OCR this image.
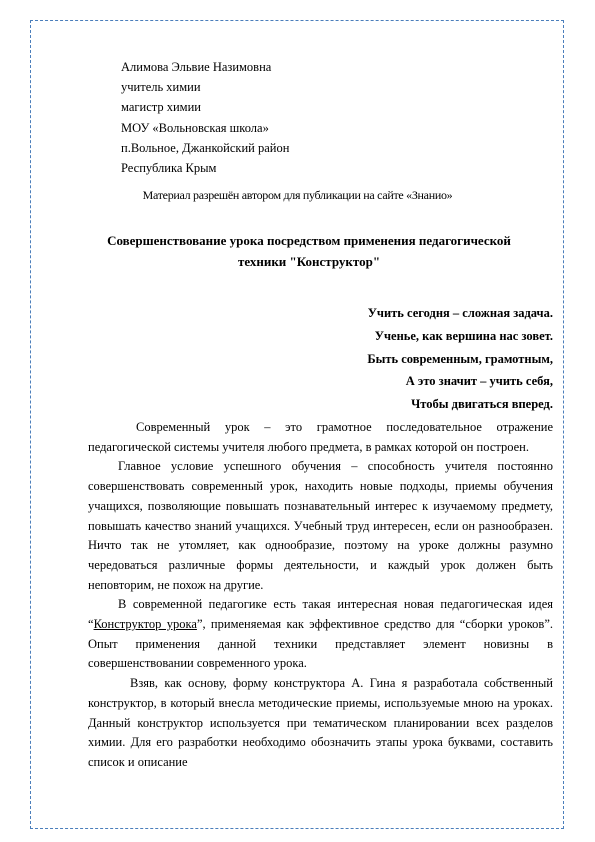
Алимова Эльвие Назимовна
учитель химии
магистр химии
МОУ «Вольновская школа»
п.Вольное, Джанкойский район
Республика Крым
Материал разрешён автором для публикации на сайте «Знанио»
Совершенствование урока посредством применения педагогической техники "Конструктор"
Учить сегодня – сложная задача.
Ученье, как вершина нас зовет.
Быть современным, грамотным,
А это значит – учить себя,
Чтобы двигаться вперед.

Современный урок – это грамотное последовательное отражение педагогической системы учителя любого предмета, в рамках которой он построен.

Главное условие успешного обучения – способность учителя постоянно совершенствовать современный урок, находить новые подходы, приемы обучения учащихся, позволяющие повышать познавательный интерес к изучаемому предмету, повышать качество знаний учащихся. Учебный труд интересен, если он разнообразен. Ничто так не утомляет, как однообразие, поэтому на уроке должны разумно чередоваться различные формы деятельности, и каждый урок должен быть неповторим, не похож на другие.

В современной педагогике есть такая интересная новая педагогическая идея “Конструктор урока”, применяемая как эффективное средство для “сборки уроков”. Опыт применения данной техники представляет элемент новизны в совершенствовании современного урока.

Взяв, как основу, форму конструктора А. Гина я разработала собственный конструктор, в который внесла методические приемы, используемые мною на уроках. Данный конструктор используется при тематическом планировании всех разделов химии. Для его разработки необходимо обозначить этапы урока буквами, составить список и описание
